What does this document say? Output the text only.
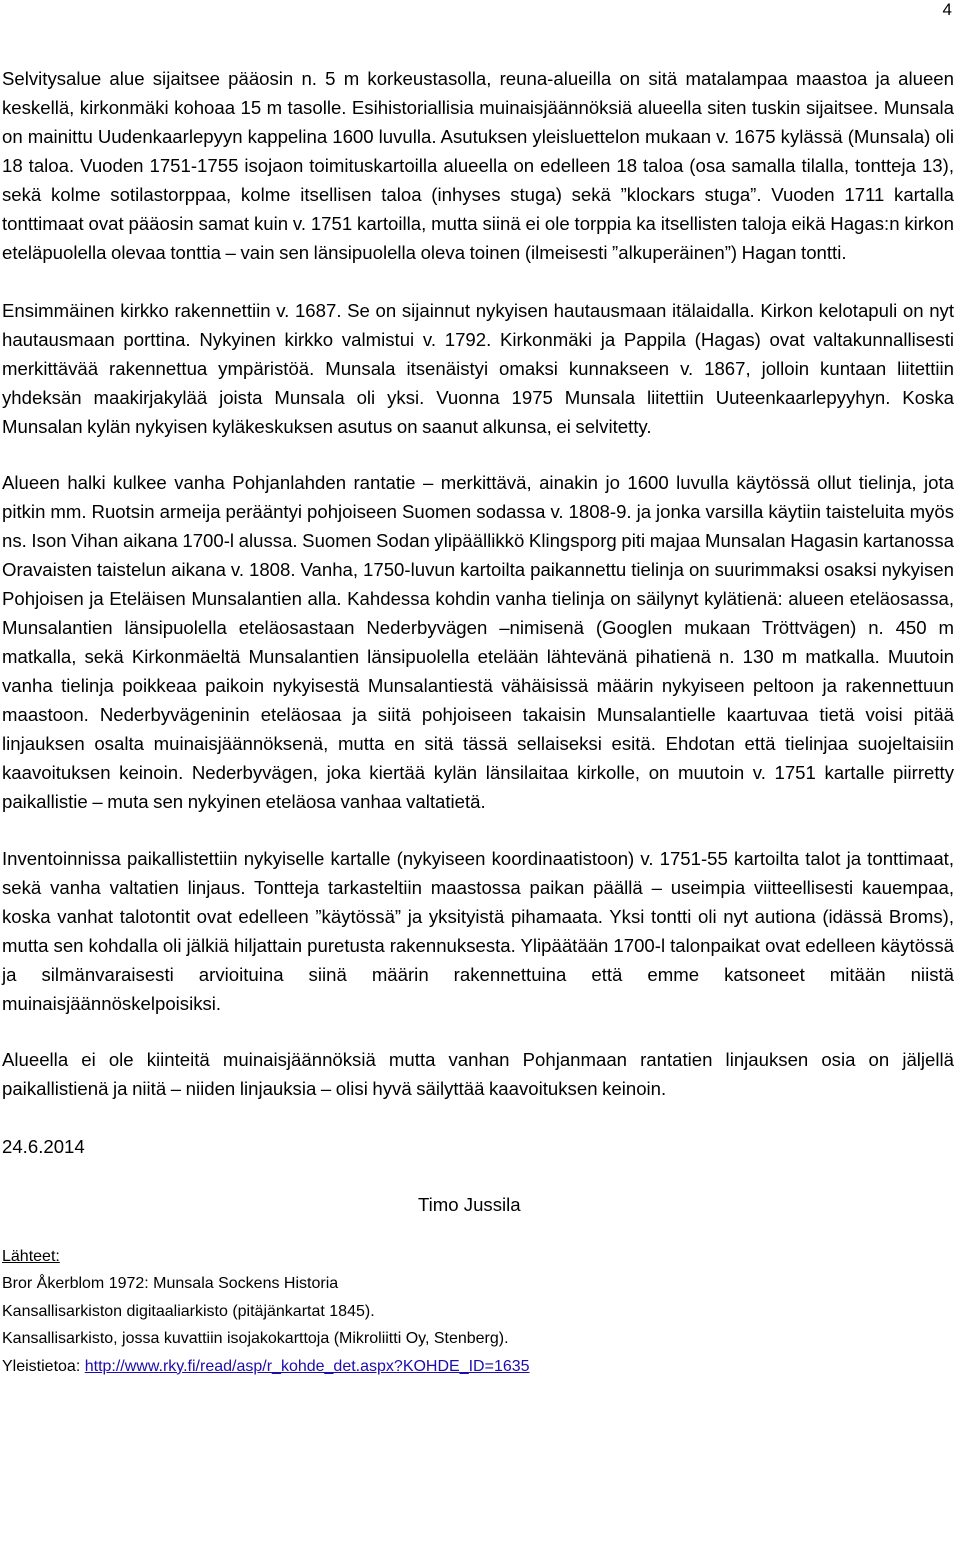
4

Selvitysalue alue sijaitsee pääosin n. 5 m korkeustasolla, reuna-alueilla on sitä matalampaa maastoa ja alueen keskellä, kirkonmäki kohoaa 15 m tasolle. Esihistoriallisia muinaisjäännöksiä alueella siten tuskin sijaitsee. Munsala on mainittu Uudenkaarlepyyn kappelina 1600 luvulla. Asutuksen yleisluettelon mukaan v. 1675 kylässä (Munsala) oli 18 taloa. Vuoden 1751-1755 isojaon toimituskartoilla alueella on edelleen 18 taloa (osa samalla tilalla, tontteja 13), sekä kolme sotilastorppaa, kolme itsellisen taloa (inhyses stuga) sekä ”klockars stuga”. Vuoden 1711 kartalla tonttimaat ovat pääosin samat kuin v. 1751 kartoilla, mutta siinä ei ole torppia ka itsellisten taloja eikä Hagas:n kirkon eteläpuolella olevaa tonttia – vain sen länsipuolella oleva toinen (ilmeisesti ”alkuperäinen”) Hagan tontti.

Ensimmäinen kirkko rakennettiin v. 1687. Se on sijainnut nykyisen hautausmaan itälaidalla. Kirkon kelotapuli on nyt hautausmaan porttina. Nykyinen kirkko valmistui v. 1792. Kirkonmäki ja Pappila (Hagas) ovat valtakunnallisesti merkittävää rakennettua ympäristöä. Munsala itsenäistyi omaksi kunnakseen v. 1867, jolloin kuntaan liitettiin yhdeksän maakirjakylää joista Munsala oli yksi. Vuonna 1975 Munsala liitettiin Uuteenkaarlepyyhyn. Koska Munsalan kylän nykyisen kyläkeskuksen asutus on saanut alkunsa, ei selvitetty.

Alueen halki kulkee vanha Pohjanlahden rantatie – merkittävä, ainakin jo 1600 luvulla käytössä ollut tielinja, jota pitkin mm. Ruotsin armeija perääntyi pohjoiseen Suomen sodassa v. 1808-9. ja jonka varsilla käytiin taisteluita myös ns. Ison Vihan aikana 1700-l alussa. Suomen Sodan ylipäällikkö Klingsporg piti majaa Munsalan Hagasin kartanossa Oravaisten taistelun aikana v. 1808. Vanha, 1750-luvun kartoilta paikannettu tielinja on suurimmaksi osaksi nykyisen Pohjoisen ja Eteläisen Munsalantien alla. Kahdessa kohdin vanha tielinja on säilynyt kylätienä: alueen eteläosassa, Munsalantien länsipuolella eteläosastaan Nederbyvägen –nimisenä (Googlen mukaan Tröttvägen) n. 450 m matkalla, sekä Kirkonmäeltä Munsalantien länsipuolella etelään lähtevänä pihatienä n. 130 m matkalla. Muutoin vanha tielinja poikkeaa paikoin nykyisestä Munsalantiestä vähäisissä määrin nykyiseen peltoon ja rakennettuun maastoon. Nederbyvägeninin eteläosaa ja siitä pohjoiseen takaisin Munsalantielle kaartuvaa tietä voisi pitää linjauksen osalta muinaisjäännöksenä, mutta en sitä tässä sellaiseksi esitä. Ehdotan että tielinjaa suojeltaisiin kaavoituksen keinoin. Nederbyvägen, joka kiertää kylän länsilaitaa kirkolle, on muutoin v. 1751 kartalle piirretty paikallistie – muta sen nykyinen eteläosa vanhaa valtatietä.

Inventoinnissa paikallistettiin nykyiselle kartalle (nykyiseen koordinaatistoon) v. 1751-55 kartoilta talot ja tonttimaat, sekä vanha valtatien linjaus. Tontteja tarkasteltiin maastossa paikan päällä – useimpia viitteellisesti kauempaa, koska vanhat talotontit ovat edelleen ”käytössä” ja yksityistä pihamaata. Yksi tontti oli nyt autiona (idässä Broms), mutta sen kohdalla oli jälkiä hiljattain puretusta rakennuksesta. Ylipäätään 1700-l talonpaikat ovat edelleen käytössä ja silmänvaraisesti arvioituina siinä määrin rakennettuina että emme katsoneet mitään niistä muinaisjäännöskelpoisiksi.

Alueella ei ole kiinteitä muinaisjäännöksiä mutta vanhan Pohjanmaan rantatien linjauksen osia on jäljellä paikallistienä ja niitä – niiden linjauksia – olisi hyvä säilyttää kaavoituksen keinoin.

24.6.2014

Timo Jussila

Lähteet:

Bror Åkerblom 1972: Munsala Sockens Historia

Kansallisarkiston digitaaliarkisto (pitäjänkartat 1845).

Kansallisarkisto, jossa kuvattiin isojakokarttoja (Mikroliitti Oy, Stenberg).

Yleistietoa: http://www.rky.fi/read/asp/r_kohde_det.aspx?KOHDE_ID=1635
